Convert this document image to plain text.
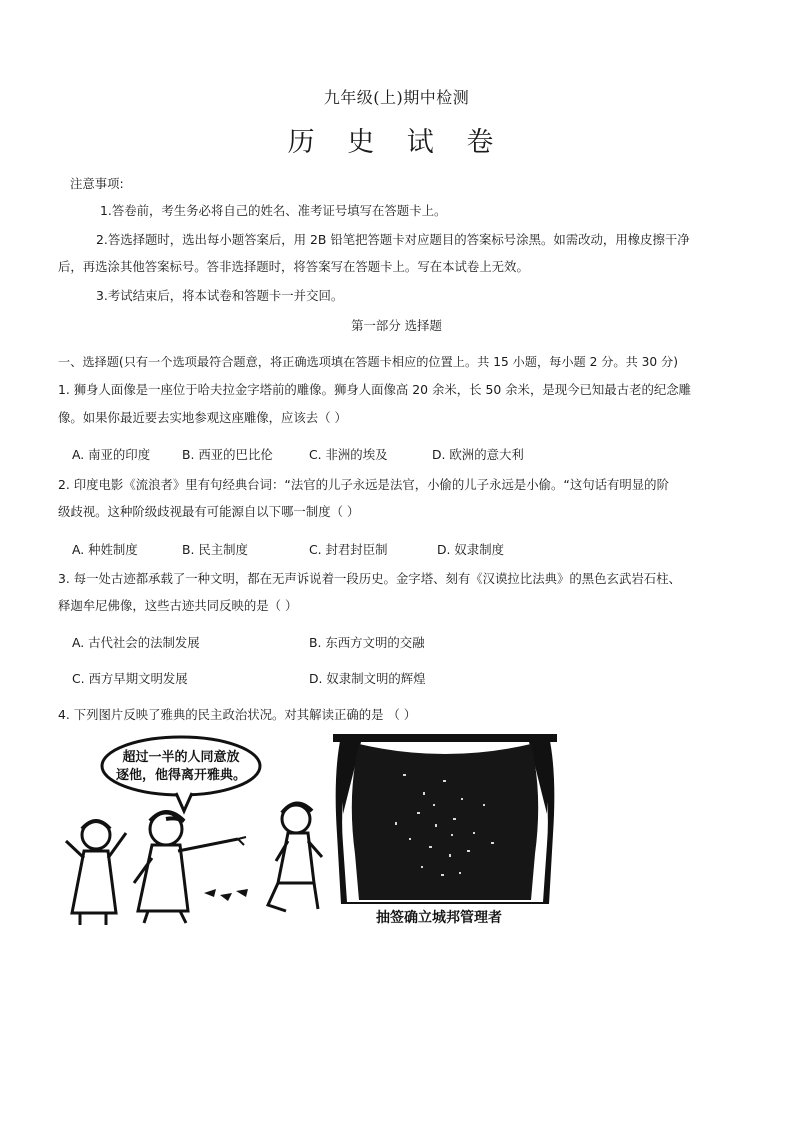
九年级(上)期中检测
历 史 试 卷
注意事项:
1.答卷前，考生务必将自己的姓名、准考证号填写在答题卡上。
2.答选择题时，选出每小题答案后，用 2B 铅笔把答题卡对应题目的答案标号涂黑。如需改动，用橡皮擦干净
后，再选涂其他答案标号。答非选择题时，将答案写在答题卡上。写在本试卷上无效。
3.考试结束后，将本试卷和答题卡一并交回。
第一部分 选择题
一、选择题(只有一个选项最符合题意，将正确选项填在答题卡相应的位置上。共 15 小题，每小题 2 分。共 30 分)
1. 狮身人面像是一座位于哈夫拉金字塔前的雕像。狮身人面像高 20 余米，长 50 余米，是现今已知最古老的纪念雕
像。如果你最近要去实地参观这座雕像，应该去（ ）
A. 南亚的印度	B. 西亚的巴比伦	C. 非洲的埃及	D. 欧洲的意大利
2. 印度电影《流浪者》里有句经典台词：“法官的儿子永远是法官，小偷的儿子永远是小偷。“这句话有明显的阶
级歧视。这种阶级歧视最有可能源自以下哪一制度（ ）
A. 种姓制度	B. 民主制度	C. 封君封臣制	D. 奴隶制度
3. 每一处古迹都承载了一种文明，都在无声诉说着一段历史。金字塔、刻有《汉谟拉比法典》的黑色玄武岩石柱、
释迦牟尼佛像，这些古迹共同反映的是（ ）
A. 古代社会的法制发展	B. 东西方文明的交融
C. 西方早期文明发展	D. 奴隶制文明的辉煌
4. 下列图片反映了雅典的民主政治状况。对其解读正确的是 （ ）
超过一半的人同意放
逐他，他得离开雅典。
抽签确立城邦管理者
